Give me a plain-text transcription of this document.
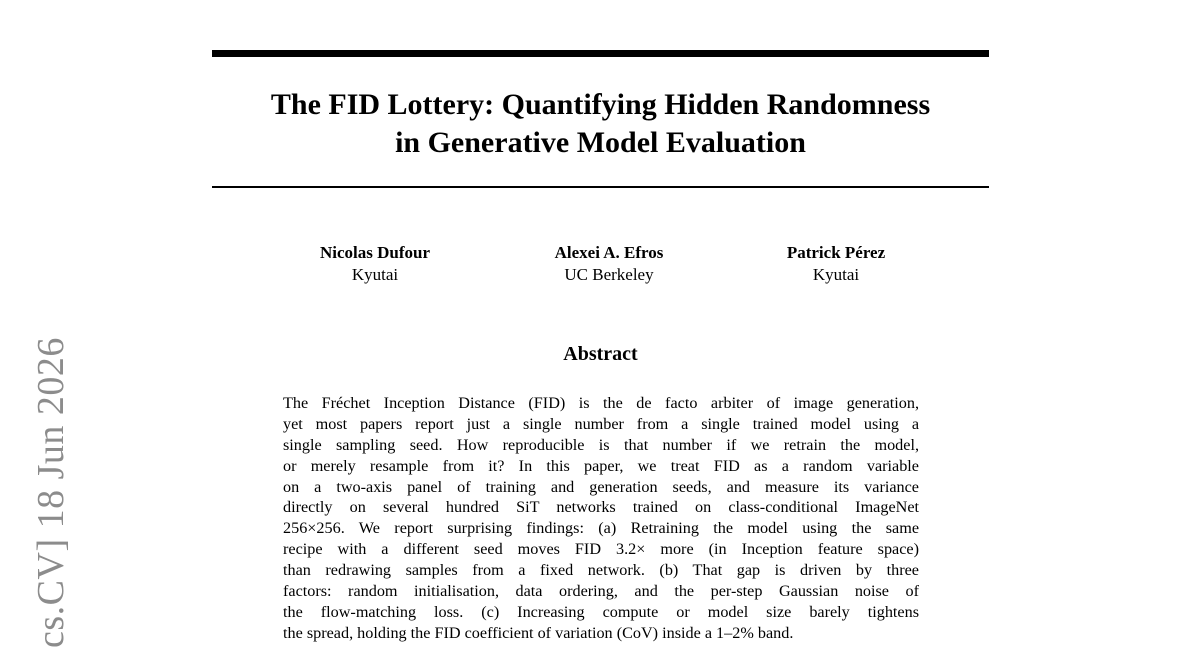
cs.CV] 18 Jun 2026
The FID Lottery: Quantifying Hidden Randomness
in Generative Model Evaluation
Nicolas Dufour
Kyutai
Alexei A. Efros
UC Berkeley
Patrick Pérez
Kyutai
Abstract
The Fréchet Inception Distance (FID) is the de facto arbiter of image generation,
yet most papers report just a single number from a single trained model using a
single sampling seed. How reproducible is that number if we retrain the model,
or merely resample from it? In this paper, we treat FID as a random variable
on a two-axis panel of training and generation seeds, and measure its variance
directly on several hundred SiT networks trained on class-conditional ImageNet
256×256. We report surprising findings: (a) Retraining the model using the same
recipe with a different seed moves FID 3.2× more (in Inception feature space)
than redrawing samples from a fixed network. (b) That gap is driven by three
factors: random initialisation, data ordering, and the per-step Gaussian noise of
the flow-matching loss. (c) Increasing compute or model size barely tightens
the spread, holding the FID coefficient of variation (CoV) inside a 1–2% band.
